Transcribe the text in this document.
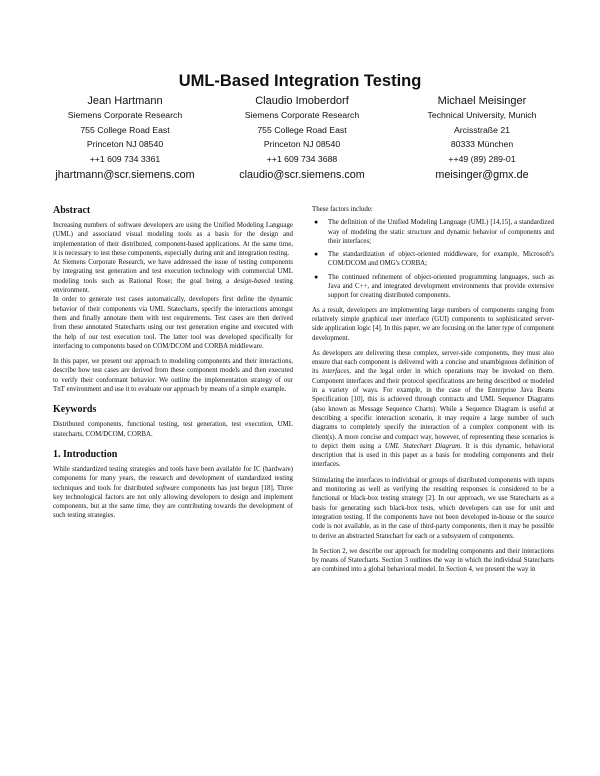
UML-Based Integration Testing
Jean Hartmann
Siemens Corporate Research
755 College Road East
Princeton NJ 08540
++1 609 734 3361
jhartmann@scr.siemens.com
Claudio Imoberdorf
Siemens Corporate Research
755 College Road East
Princeton NJ 08540
++1 609 734 3688
claudio@scr.siemens.com
Michael Meisinger
Technical University, Munich
Arcisstraße 21
80333 München
++49 (89) 289-01
meisinger@gmx.de
Abstract

Increasing numbers of software developers are using the Unified Modeling Language (UML) and associated visual modeling tools as a basis for the design and implementation of their distributed, component-based applications. At the same time, it is necessary to test these components, especially during unit and integration testing.

At Siemens Corporate Research, we have addressed the issue of testing components by integrating test generation and test execution technology with commercial UML modeling tools such as Rational Rose; the goal being a design-based testing environment.

In order to generate test cases automatically, developers first define the dynamic behavior of their components via UML Statecharts, specify the interactions amongst them and finally annotate them with test requirements. Test cases are then derived from these annotated Statecharts using our test generation engine and executed with the help of our test execution tool. The latter tool was developed specifically for interfacing to components based on COM/DCOM and CORBA middleware.

In this paper, we present our approach to modeling components and their interactions, describe how test cases are derived from these component models and then executed to verify their conformant behavior. We outline the implementation strategy of our TnT environment and use it to evaluate our approach by means of a simple example.

Keywords

Distributed components, functional testing, test generation, test execution, UML statecharts, COM/DCOM, CORBA.

1. Introduction

While standardized testing strategies and tools have been available for IC (hardware) components for many years, the research and development of standardized testing techniques and tools for distributed software components has just begun [18]. Three key technological factors are not only allowing developers to design and implement components, but at the same time, they are contributing towards the development of such testing strategies.

These factors include:

● The definition of the Unified Modeling Language (UML) [14,15], a standardized way of modeling the static structure and dynamic behavior of components and their interfaces;
● The standardization of object-oriented middleware, for example, Microsoft's COM/DCOM and OMG's CORBA;
● The continued refinement of object-oriented programming languages, such as Java and C++, and integrated development environments that provide extensive support for creating distributed components.

As a result, developers are implementing large numbers of components ranging from relatively simple graphical user interface (GUI) components to sophisticated server-side application logic [4]. In this paper, we are focusing on the latter type of component development.

As developers are delivering these complex, server-side components, they must also ensure that each component is delivered with a concise and unambiguous definition of its interfaces, and the legal order in which operations may be invoked on them. Component interfaces and their protocol specifications are being described or modeled in a variety of ways. For example, in the case of the Enterprise Java Beans Specification [10], this is achieved through contracts and UML Sequence Diagrams (also known as Message Sequence Charts). While a Sequence Diagram is useful at describing a specific interaction scenario, it may require a large number of such diagrams to completely specify the interaction of a complex component with its client(s). A more concise and compact way, however, of representing these scenarios is to depict them using a UML Statechart Diagram. It is this dynamic, behavioral description that is used in this paper as a basis for modeling components and their interfaces.

Stimulating the interfaces to individual or groups of distributed components with inputs and monitoring as well as verifying the resulting responses is considered to be a functional or black-box testing strategy [2]. In our approach, we use Statecharts as a basis for generating such black-box tests, which developers can use for unit and integration testing. If the components have not been developed in-house or the source code is not available, as in the case of third-party components, then it may be possible to derive an abstracted Statechart for each or a subsystem of components.

In Section 2, we describe our approach for modeling components and their interactions by means of Statecharts. Section 3 outlines the way in which the individual Statecharts are combined into a global behavioral model. In Section 4, we present the way in
